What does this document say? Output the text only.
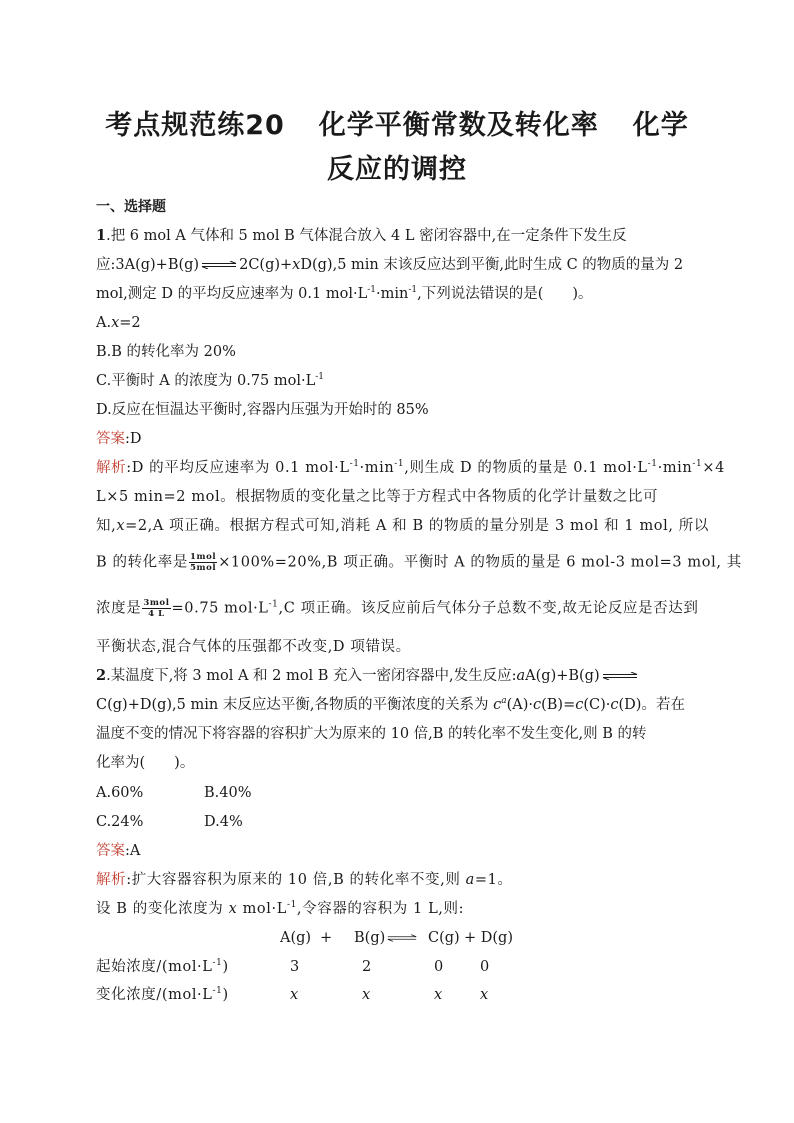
考点规范练20 化学平衡常数及转化率 化学
反应的调控
一、选择题
1.把 6 mol A 气体和 5 mol B 气体混合放入 4 L 密闭容器中,在一定条件下发生反
应:3A(g)+B(g) ⇌ 2C(g)+xD(g),5 min 末该反应达到平衡,此时生成 C 的物质的量为 2
mol,测定 D 的平均反应速率为 0.1 $mol\cdot L^{-1}\cdot\min^{-1}$,下列说法错误的是(　　)。
A.x=2
B.B 的转化率为 20%
C.平衡时 A 的浓度为 0.75 $mol\cdot L^{-1}$
D.反应在恒温达平衡时,容器内压强为开始时的 85%
答案:D
解析:D 的平均反应速率为 0.1 $mol\cdot L^{-1}\cdot\min^{-1}$,则生成 D 的物质的量是 0.1 $mol\cdot L^{-1}\cdot\min^{-1}\times 4$
L×5 min=2 mol。根据物质的变化量之比等于方程式中各物质的化学计量数之比可
知,x=2,A 项正确。根据方程式可知,消耗 A 和 B 的物质的量分别是 3 mol 和 1 mol, 所以
B 的转化率是 $\frac{\text{1mol}}{\text{5mol}} \times 100\%=20\%,B$ 项正确。平衡时 A 的物质的量是 6 mol-3 mol=3 mol, 其
浓度是 $\frac{\text{3mol}}{4 L} =0.75$ $mol\cdot L^{-1},C$ 项正确。该反应前后气体分子总数不变,故无论反应是否达到
平衡状态,混合气体的压强都不改变,D 项错误。
2.某温度下,将 3 mol A 和 2 mol B 充入一密闭容器中,发生反应:aA(g)+B(g) ⇌
C(g)+D(g),5 min 末反应达平衡,各物质的平衡浓度的关系为 $c^a(A)\cdot c(B)=c(C)\cdot c(D)$。若在
温度不变的情况下将容器的容积扩大为原来的 10 倍,B 的转化率不发生变化,则 B 的转
化率为(　　)。
A.60%	B.40%
C.24%	D.4%
答案:A
解析:扩大容器容积为原来的 10 倍,B 的转化率不变,则 a=1。
设 B 的变化浓度为 x $mol\cdot L^{-1}$,令容器的容积为 1 L,则:
A(g) + B(g) ⇌ C(g) + D(g)
起始浓度$/(mol\cdot L^{-1})$	3	2	0	0
变化浓度$/(mol\cdot L^{-1})$	x	x	x	x
